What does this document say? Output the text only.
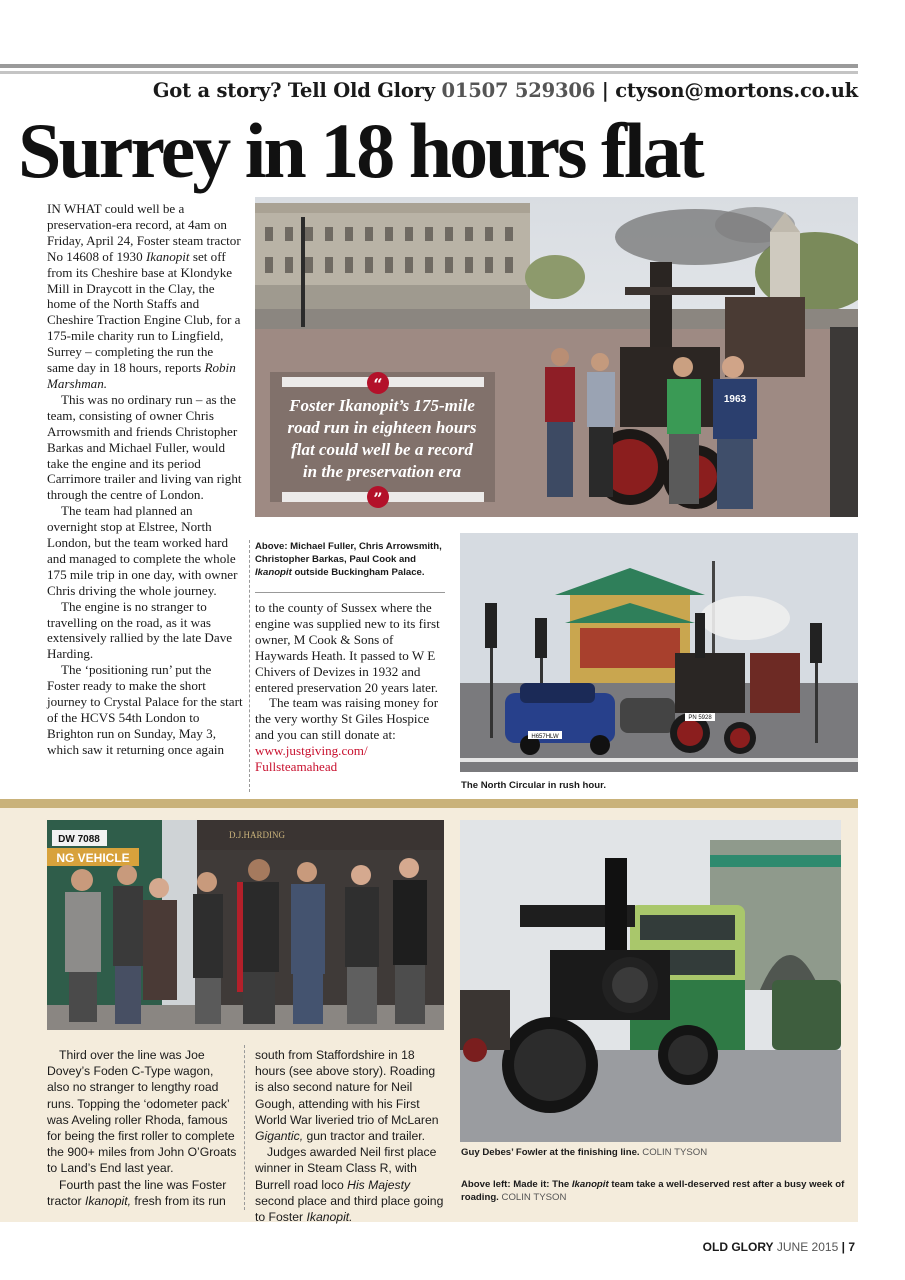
Got a story? Tell Old Glory 01507 529306 | ctyson@mortons.co.uk
Surrey in 18 hours flat

IN WHAT could well be a preservation-era record, at 4am on Friday, April 24, Foster steam tractor No 14608 of 1930 Ikanopit set off from its Cheshire base at Klondyke Mill in Draycott in the Clay, the home of the North Staffs and Cheshire Traction Engine Club, for a 175-mile charity run to Lingfield, Surrey – completing the run the same day in 18 hours, reports Robin Marshman.

This was no ordinary run – as the team, consisting of owner Chris Arrowsmith and friends Christopher Barkas and Michael Fuller, would take the engine and its period Carrimore trailer and living van right through the centre of London.

The team had planned an overnight stop at Elstree, North London, but the team worked hard and managed to complete the whole 175 mile trip in one day, with owner Chris driving the whole journey.

The engine is no stranger to travelling on the road, as it was extensively rallied by the late Dave Harding.

The ‘positioning run’ put the Foster ready to make the short journey to Crystal Palace for the start of the HCVS 54th London to Brighton run on Sunday, May 3, which saw it returning once again

1963
“
Foster Ikanopit’s 175-mile road run in eighteen hours flat could well be a record in the preservation era
”
Above: Michael Fuller, Chris Arrowsmith, Christopher Barkas, Paul Cook and Ikanopit outside Buckingham Palace.

to the county of Sussex where the engine was supplied new to its first owner, M Cook & Sons of Haywards Heath. It passed to W E Chivers of Devizes in 1932 and entered preservation 20 years later.

The team was raising money for the very worthy St Giles Hospice and you can still donate at:

www.justgiving.com/
Fullsteamahead

H657HLW
PN 5928
The North Circular in rush hour.
DW 7088
NG VEHICLE
D.J.HARDING

Third over the line was Joe Dovey’s Foden C-Type wagon, also no stranger to lengthy road runs. Topping the ‘odometer pack’ was Aveling roller Rhoda, famous for being the first roller to complete the 900+ miles from John O’Groats to Land’s End last year.

Fourth past the line was Foster tractor Ikanopit, fresh from its run

south from Staffordshire in 18 hours (see above story). Roading is also second nature for Neil Gough, attending with his First World War liveried trio of McLaren Gigantic, gun tractor and trailer.

Judges awarded Neil first place winner in Steam Class R, with Burrell road loco His Majesty second place and third place going to Foster Ikanopit.

Guy Debes’ Fowler at the finishing line. COLIN TYSON
Above left: Made it: The Ikanopit team take a well-deserved rest after a busy week of roading. COLIN TYSON
OLD GLORY JUNE 2015 | 7
